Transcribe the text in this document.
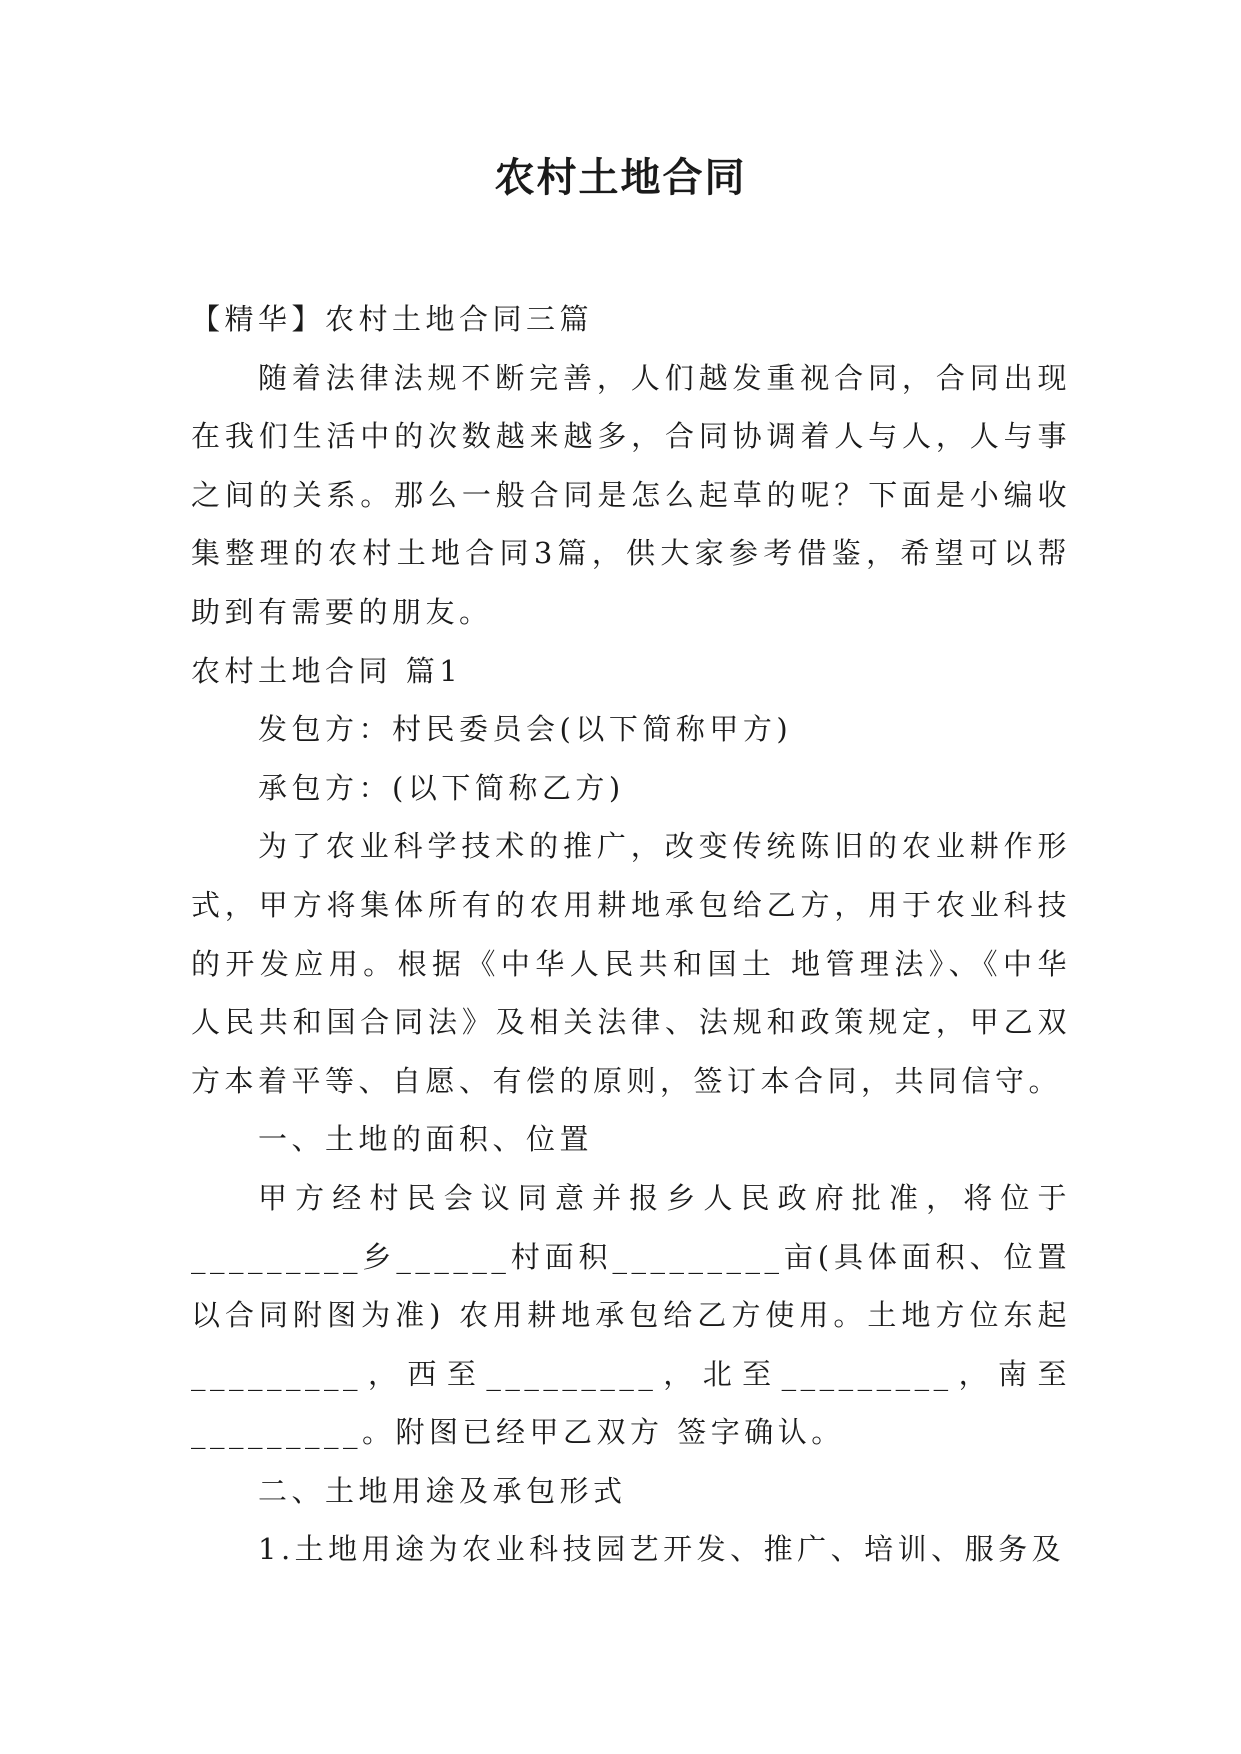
农村土地合同

【精华】农村土地合同三篇

随着法律法规不断完善，人们越发重视合同，合同出现在我们生活中的次数越来越多，合同协调着人与人，人与事之间的关系。那么一般合同是怎么起草的呢？下面是小编收集整理的农村土地合同3篇，供大家参考借鉴，希望可以帮助到有需要的朋友。

农村土地合同 篇1

发包方：村民委员会(以下简称甲方)

承包方：(以下简称乙方)

为了农业科学技术的推广，改变传统陈旧的农业耕作形式，甲方将集体所有的农用耕地承包给乙方，用于农业科技的开发应用。根据《中华人民共和国土 地管理法》、《中华人民共和国合同法》及相关法律、法规和政策规定，甲乙双方本着平等、自愿、有偿的原则，签订本合同，共同信守。

一、土地的面积、位置

甲方经村民会议同意并报乡人民政府批准，将位于_________乡______村面积_________亩(具体面积、位置以合同附图为准) 农用耕地承包给乙方使用。土地方位东起_________，西至_________，北至_________，南至_________。附图已经甲乙双方 签字确认。

二、土地用途及承包形式

1.土地用途为农业科技园艺开发、推广、培训、服务及
